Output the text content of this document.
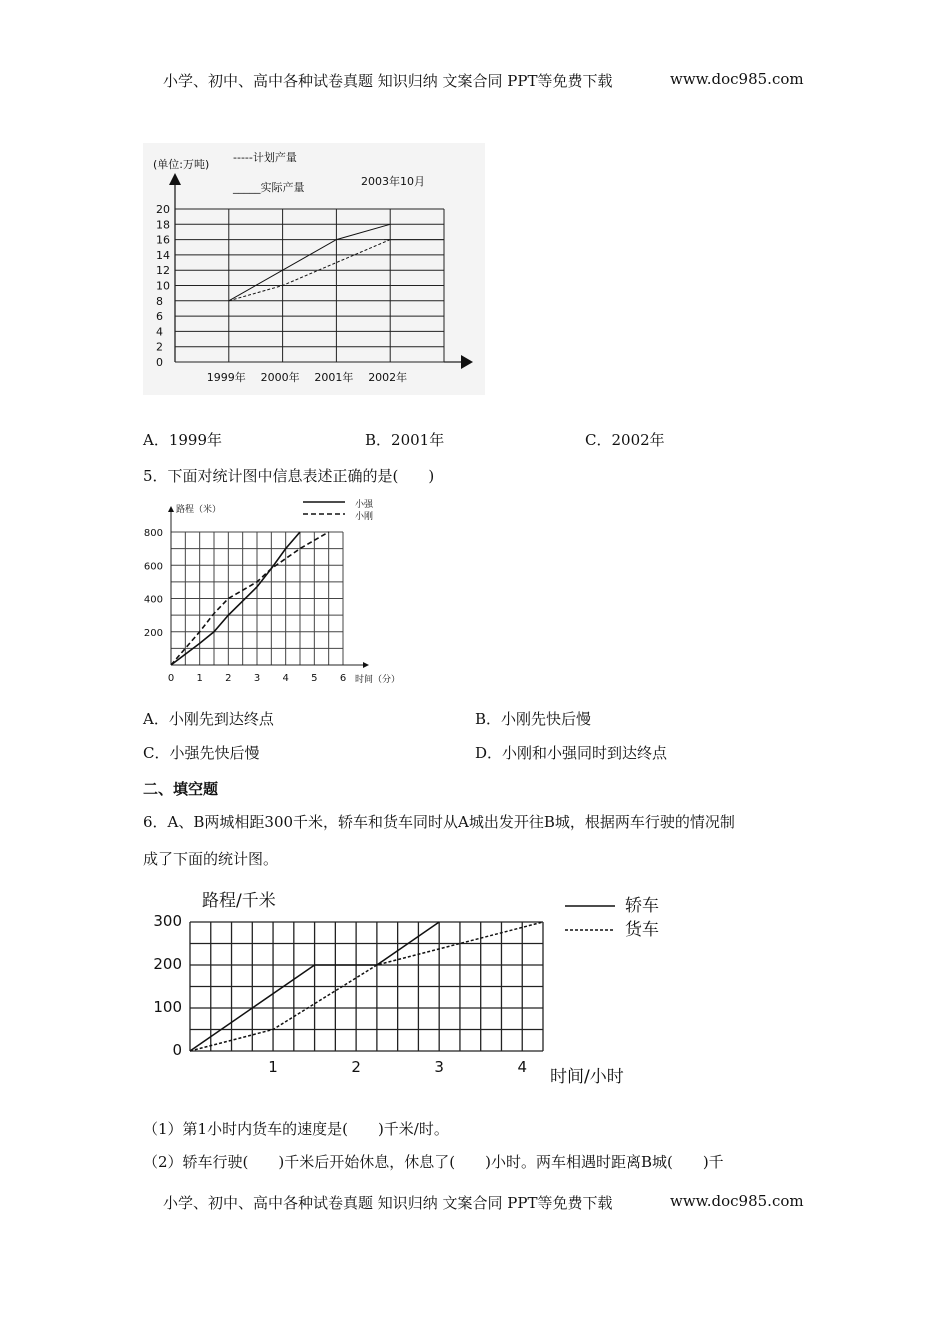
小学、初中、高中各种试卷真题 知识归纳 文案合同 PPT等免费下载	www.doc985.com
0
2
4
6
8
10
12
14
16
18
20
1999年 2000年 2001年 2002年
(单位:万吨)
-----计划产量
_____实际产量	2003年10月
A．1999年	B．2001年	C．2002年
5．下面对统计图中信息表述正确的是(　　)
200
400
600
800
0 1 2 3 4 5 6
路程（米）
时间（分）
小强
小刚
A．小刚先到达终点	B．小刚先快后慢
C．小强先快后慢	D．小刚和小强同时到达终点
二、填空题
6．A、B两城相距300千米，轿车和货车同时从A城出发开往B城，根据两车行驶的情况制
成了下面的统计图。
0
100
200
300
1	2	3	4
路程/千米
时间/小时
轿车
货车
（1）第1小时内货车的速度是(　　)千米/时。
（2）轿车行驶(　　)千米后开始休息，休息了(　　)小时。两车相遇时距离B城(　　)千
小学、初中、高中各种试卷真题 知识归纳 文案合同 PPT等免费下载	www.doc985.com
